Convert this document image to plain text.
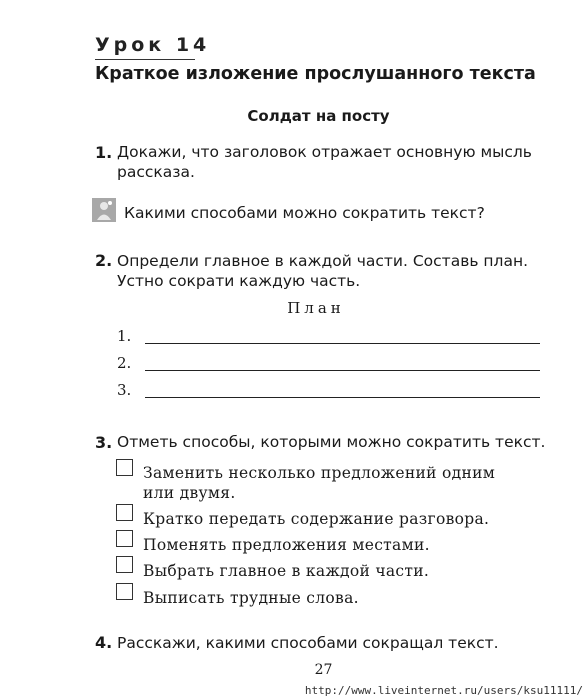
Урок 14
Краткое изложение прослушанного текста
Солдат на посту
1. Докажи, что заголовок отражает основную мысль
рассказа.
Какими способами можно сократить текст?
2. Определи главное в каждой части. Составь план.
Устно сократи каждую часть.
План
1.
2.
3.
3. Отметь способы, которыми можно сократить текст.
Заменить несколько предложений одним
или двумя.
Кратко передать содержание разговора.
Поменять предложения местами.
Выбрать главное в каждой части.
Выписать трудные слова.
4. Расскажи, какими способами сокращал текст.
27
http://www.liveinternet.ru/users/ksu11111/
